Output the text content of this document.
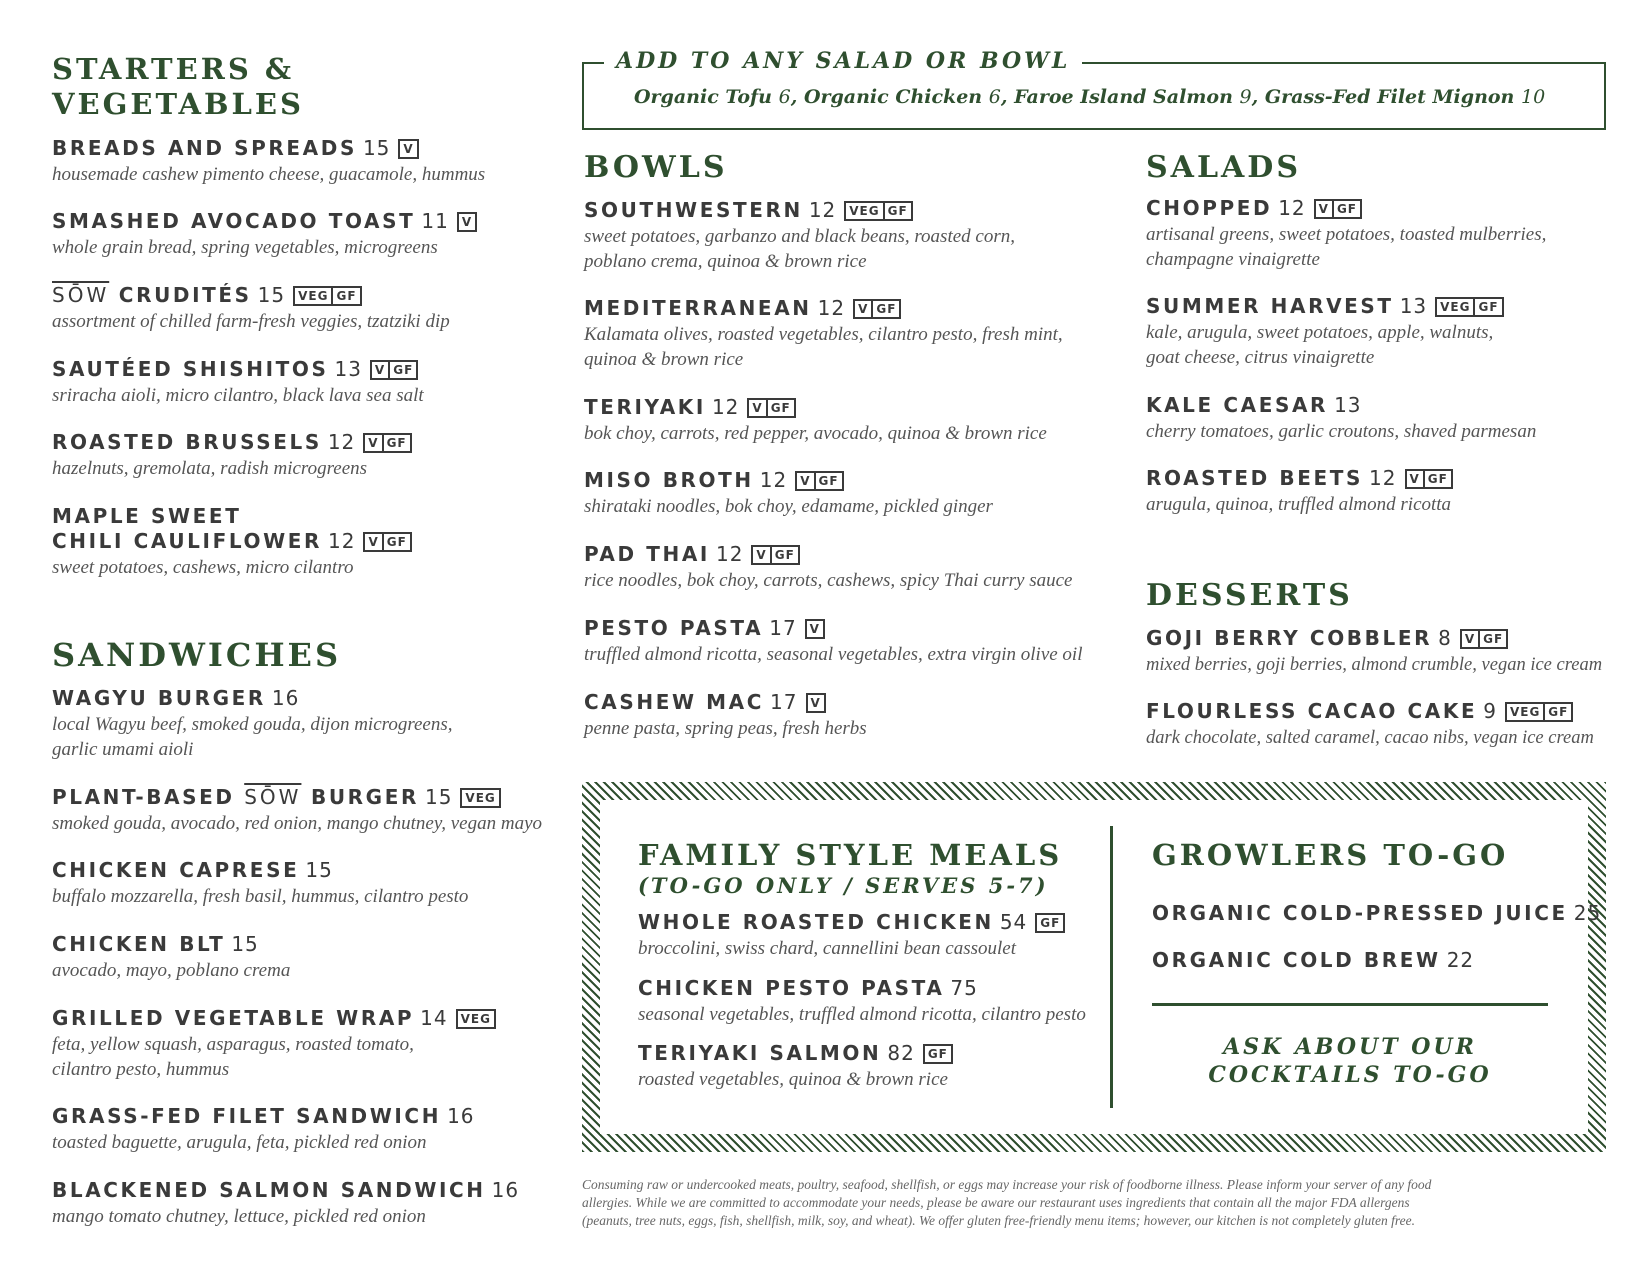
STARTERS &
VEGETABLES
BREADS AND SPREADS 15	V
housemade cashew pimento cheese, guacamole, hummus
SMASHED AVOCADO TOAST 11	V
whole grain bread, spring vegetables, microgreens
$\overline{SŌW}$ CRUDITÉS 15	VEG GF
assortment of chilled farm-fresh veggies, tzatziki dip
SAUTÉED SHISHITOS 13	V GF
sriracha aioli, micro cilantro, black lava sea salt
ROASTED BRUSSELS 12	V GF
hazelnuts, gremolata, radish microgreens
MAPLE SWEET
CHILI CAULIFLOWER 12	V GF
sweet potatoes, cashews, micro cilantro
SANDWICHES
WAGYU BURGER 16
local Wagyu beef, smoked gouda, dijon microgreens,
garlic umami aioli
PLANT-BASED $\overline{SŌW}$ BURGER 15	VEG
smoked gouda, avocado, red onion, mango chutney, vegan mayo
CHICKEN CAPRESE 15
buffalo mozzarella, fresh basil, hummus, cilantro pesto
CHICKEN BLT 15
avocado, mayo, poblano crema
GRILLED VEGETABLE WRAP 14	VEG
feta, yellow squash, asparagus, roasted tomato,
cilantro pesto, hummus
GRASS-FED FILET SANDWICH 16
toasted baguette, arugula, feta, pickled red onion
BLACKENED SALMON SANDWICH 16
mango tomato chutney, lettuce, pickled red onion
ADD TO ANY SALAD OR BOWL
Organic Tofu 6, Organic Chicken 6, Faroe Island Salmon 9, Grass-Fed Filet Mignon 10
BOWLS
SOUTHWESTERN 12	VEG GF
sweet potatoes, garbanzo and black beans, roasted corn,
poblano crema, quinoa & brown rice
MEDITERRANEAN 12	V GF
Kalamata olives, roasted vegetables, cilantro pesto, fresh mint,
quinoa & brown rice
TERIYAKI 12	V GF
bok choy, carrots, red pepper, avocado, quinoa & brown rice
MISO BROTH 12	V GF
shirataki noodles, bok choy, edamame, pickled ginger
PAD THAI 12	V GF
rice noodles, bok choy, carrots, cashews, spicy Thai curry sauce
PESTO PASTA 17	V
truffled almond ricotta, seasonal vegetables, extra virgin olive oil
CASHEW MAC 17	V
penne pasta, spring peas, fresh herbs
SALADS
CHOPPED 12	V GF
artisanal greens, sweet potatoes, toasted mulberries,
champagne vinaigrette
SUMMER HARVEST 13	VEG GF
kale, arugula, sweet potatoes, apple, walnuts,
goat cheese, citrus vinaigrette
KALE CAESAR 13
cherry tomatoes, garlic croutons, shaved parmesan
ROASTED BEETS 12	V GF
arugula, quinoa, truffled almond ricotta
DESSERTS
GOJI BERRY COBBLER 8	V GF
mixed berries, goji berries, almond crumble, vegan ice cream
FLOURLESS CACAO CAKE 9	VEG GF
dark chocolate, salted caramel, cacao nibs, vegan ice cream
FAMILY STYLE MEALS
(TO-GO ONLY / SERVES 5-7)
WHOLE ROASTED CHICKEN 54	GF
broccolini, swiss chard, cannellini bean cassoulet
CHICKEN PESTO PASTA 75
seasonal vegetables, truffled almond ricotta, cilantro pesto
TERIYAKI SALMON 82	GF
roasted vegetables, quinoa & brown rice
GROWLERS TO-GO
ORGANIC COLD-PRESSED JUICE 25
ORGANIC COLD BREW 22
ASK ABOUT OUR
COCKTAILS TO-GO
Consuming raw or undercooked meats, poultry, seafood, shellfish, or eggs may increase your risk of foodborne illness. Please inform your server of any food
allergies. While we are committed to accommodate your needs, please be aware our restaurant uses ingredients that contain all the major FDA allergens
(peanuts, tree nuts, eggs, fish, shellfish, milk, soy, and wheat). We offer gluten free-friendly menu items; however, our kitchen is not completely gluten free.
